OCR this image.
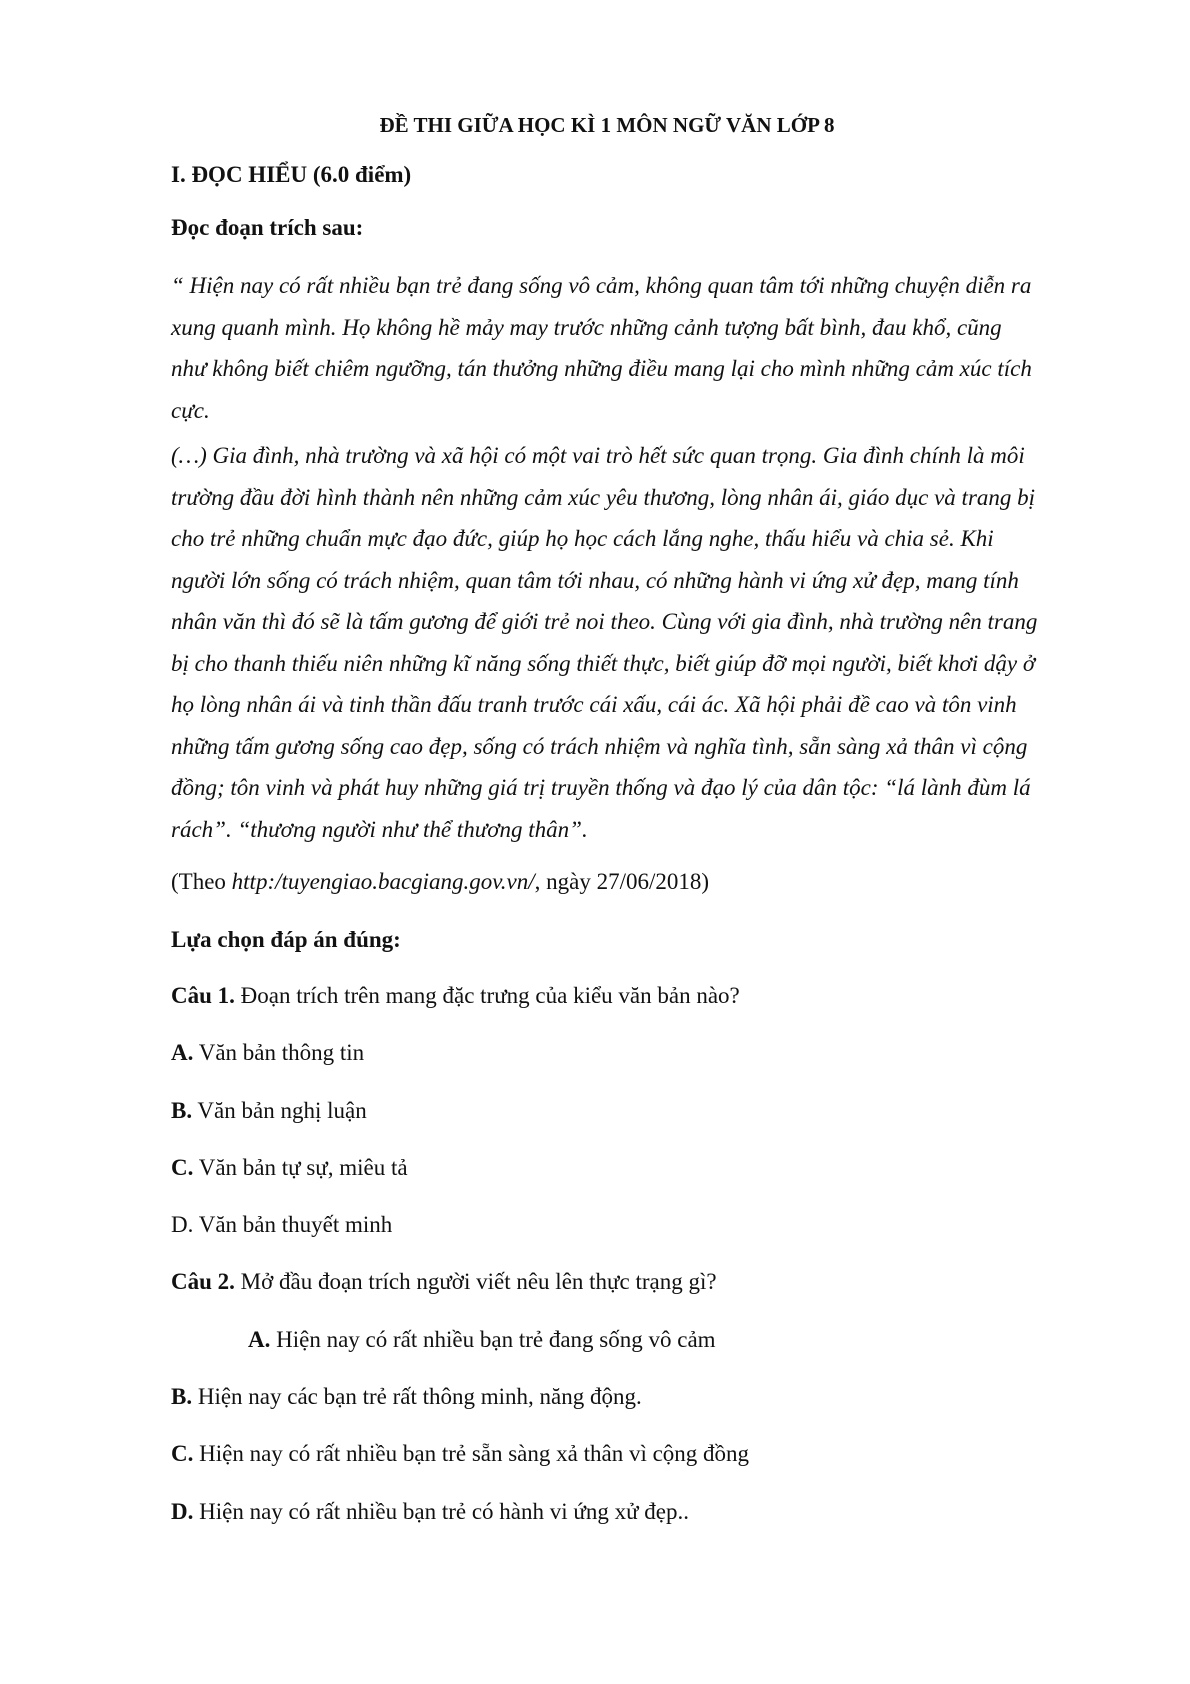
ĐỀ THI GIỮA HỌC KÌ 1 MÔN NGỮ VĂN LỚP 8
I. ĐỌC HIỂU (6.0 điểm)
Đọc đoạn trích sau:
“ Hiện nay có rất nhiều bạn trẻ đang sống vô cảm, không quan tâm tới những chuyện diễn ra
xung quanh mình. Họ không hề mảy may trước những cảnh tượng bất bình, đau khổ, cũng
như không biết chiêm ngưỡng, tán thưởng những điều mang lại cho mình những cảm xúc tích
cực.
(…) Gia đình, nhà trường và xã hội có một vai trò hết sức quan trọng. Gia đình chính là môi
trường đầu đời hình thành nên những cảm xúc yêu thương, lòng nhân ái, giáo dục và trang bị
cho trẻ những chuẩn mực đạo đức, giúp họ học cách lắng nghe, thấu hiểu và chia sẻ. Khi
người lớn sống có trách nhiệm, quan tâm tới nhau, có những hành vi ứng xử đẹp, mang tính
nhân văn thì đó sẽ là tấm gương để giới trẻ noi theo. Cùng với gia đình, nhà trường nên trang
bị cho thanh thiếu niên những kĩ năng sống thiết thực, biết giúp đỡ mọi người, biết khơi dậy ở
họ lòng nhân ái và tinh thần đấu tranh trước cái xấu, cái ác. Xã hội phải đề cao và tôn vinh
những tấm gương sống cao đẹp, sống có trách nhiệm và nghĩa tình, sẵn sàng xả thân vì cộng
đồng; tôn vinh và phát huy những giá trị truyền thống và đạo lý của dân tộc: “lá lành đùm lá
rách”. “thương người như thể thương thân”.
(Theo http:/tuyengiao.bacgiang.gov.vn/, ngày 27/06/2018)
Lựa chọn đáp án đúng:
Câu 1. Đoạn trích trên mang đặc trưng của kiểu văn bản nào?
A. Văn bản thông tin
B. Văn bản nghị luận
C. Văn bản tự sự, miêu tả
D. Văn bản thuyết minh
Câu 2. Mở đầu đoạn trích người viết nêu lên thực trạng gì?
A. Hiện nay có rất nhiều bạn trẻ đang sống vô cảm
B. Hiện nay các bạn trẻ rất thông minh, năng động.
C. Hiện nay có rất nhiều bạn trẻ sẵn sàng xả thân vì cộng đồng
D. Hiện nay có rất nhiều bạn trẻ có hành vi ứng xử đẹp..
